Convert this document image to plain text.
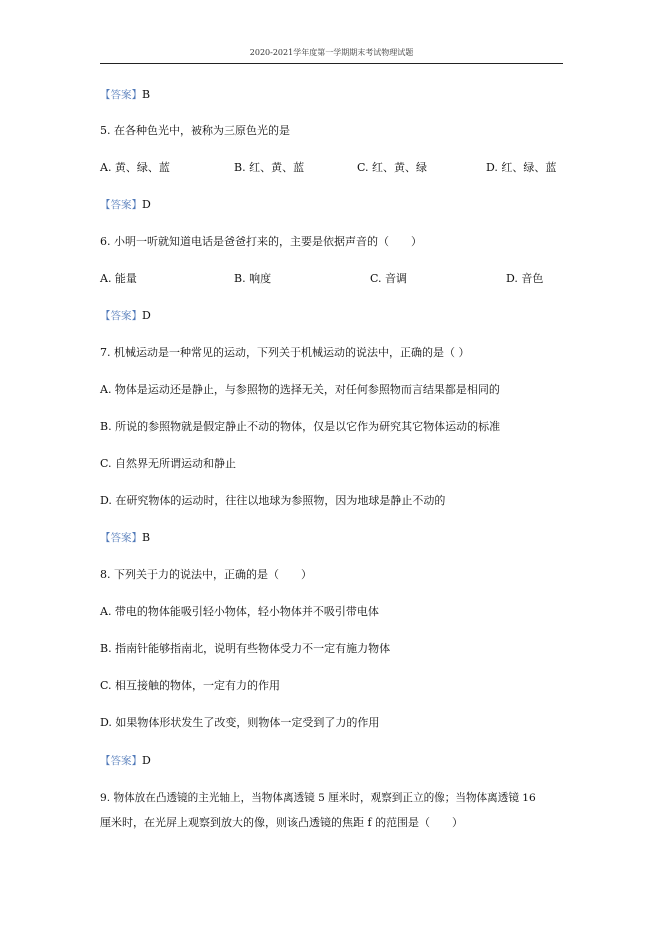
2020-2021学年度第一学期期末考试物理试题
【答案】B
5. 在各种色光中，被称为三原色光的是
A. 黄、绿、蓝	B. 红、黄、蓝	C. 红、黄、绿	D. 红、绿、蓝
【答案】D
6. 小明一听就知道电话是爸爸打来的，主要是依据声音的（　　）
A. 能量	B. 响度	C. 音调	D. 音色
【答案】D
7. 机械运动是一种常见的运动，下列关于机械运动的说法中，正确的是（ ）
A. 物体是运动还是静止，与参照物的选择无关，对任何参照物而言结果都是相同的
B. 所说的参照物就是假定静止不动的物体，仅是以它作为研究其它物体运动的标准
C. 自然界无所谓运动和静止
D. 在研究物体的运动时，往往以地球为参照物，因为地球是静止不动的
【答案】B
8. 下列关于力的说法中，正确的是（　　）
A. 带电的物体能吸引轻小物体，轻小物体并不吸引带电体
B. 指南针能够指南北，说明有些物体受力不一定有施力物体
C. 相互接触的物体，一定有力的作用
D. 如果物体形状发生了改变，则物体一定受到了力的作用
【答案】D
9. 物体放在凸透镜的主光轴上，当物体离透镜 5 厘米时，观察到正立的像；当物体离透镜 16
厘米时，在光屏上观察到放大的像，则该凸透镜的焦距 f 的范围是（　　）
